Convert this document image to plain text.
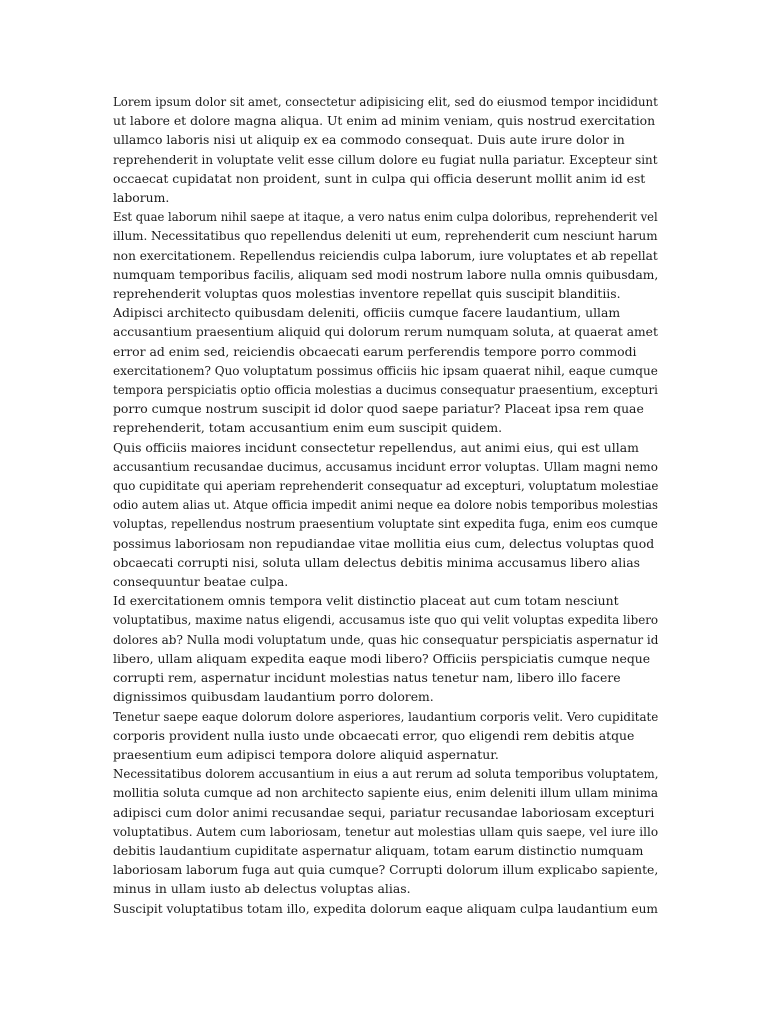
Lorem ipsum dolor sit amet, consectetur adipisicing elit, sed do eiusmod tempor incididunt
ut labore et dolore magna aliqua. Ut enim ad minim veniam, quis nostrud exercitation
ullamco laboris nisi ut aliquip ex ea commodo consequat. Duis aute irure dolor in
reprehenderit in voluptate velit esse cillum dolore eu fugiat nulla pariatur. Excepteur sint
occaecat cupidatat non proident, sunt in culpa qui officia deserunt mollit anim id est
laborum.

Est quae laborum nihil saepe at itaque, a vero natus enim culpa doloribus, reprehenderit vel
illum. Necessitatibus quo repellendus deleniti ut eum, reprehenderit cum nesciunt harum
non exercitationem. Repellendus reiciendis culpa laborum, iure voluptates et ab repellat
numquam temporibus facilis, aliquam sed modi nostrum labore nulla omnis quibusdam,
reprehenderit voluptas quos molestias inventore repellat quis suscipit blanditiis.

Adipisci architecto quibusdam deleniti, officiis cumque facere laudantium, ullam
accusantium praesentium aliquid qui dolorum rerum numquam soluta, at quaerat amet
error ad enim sed, reiciendis obcaecati earum perferendis tempore porro commodi
exercitationem? Quo voluptatum possimus officiis hic ipsam quaerat nihil, eaque cumque
tempora perspiciatis optio officia molestias a ducimus consequatur praesentium, excepturi
porro cumque nostrum suscipit id dolor quod saepe pariatur? Placeat ipsa rem quae
reprehenderit, totam accusantium enim eum suscipit quidem.

Quis officiis maiores incidunt consectetur repellendus, aut animi eius, qui est ullam
accusantium recusandae ducimus, accusamus incidunt error voluptas. Ullam magni nemo
quo cupiditate qui aperiam reprehenderit consequatur ad excepturi, voluptatum molestiae
odio autem alias ut. Atque officia impedit animi neque ea dolore nobis temporibus molestias
voluptas, repellendus nostrum praesentium voluptate sint expedita fuga, enim eos cumque
possimus laboriosam non repudiandae vitae mollitia eius cum, delectus voluptas quod
obcaecati corrupti nisi, soluta ullam delectus debitis minima accusamus libero alias
consequuntur beatae culpa.

Id exercitationem omnis tempora velit distinctio placeat aut cum totam nesciunt
voluptatibus, maxime natus eligendi, accusamus iste quo qui velit voluptas expedita libero
dolores ab? Nulla modi voluptatum unde, quas hic consequatur perspiciatis aspernatur id
libero, ullam aliquam expedita eaque modi libero? Officiis perspiciatis cumque neque
corrupti rem, aspernatur incidunt molestias natus tenetur nam, libero illo facere
dignissimos quibusdam laudantium porro dolorem.

Tenetur saepe eaque dolorum dolore asperiores, laudantium corporis velit. Vero cupiditate
corporis provident nulla iusto unde obcaecati error, quo eligendi rem debitis atque
praesentium eum adipisci tempora dolore aliquid aspernatur.

Necessitatibus dolorem accusantium in eius a aut rerum ad soluta temporibus voluptatem,
mollitia soluta cumque ad non architecto sapiente eius, enim deleniti illum ullam minima
adipisci cum dolor animi recusandae sequi, pariatur recusandae laboriosam excepturi
voluptatibus. Autem cum laboriosam, tenetur aut molestias ullam quis saepe, vel iure illo
debitis laudantium cupiditate aspernatur aliquam, totam earum distinctio numquam
laboriosam laborum fuga aut quia cumque? Corrupti dolorum illum explicabo sapiente,
minus in ullam iusto ab delectus voluptas alias.

Suscipit voluptatibus totam illo, expedita dolorum eaque aliquam culpa laudantium eum
